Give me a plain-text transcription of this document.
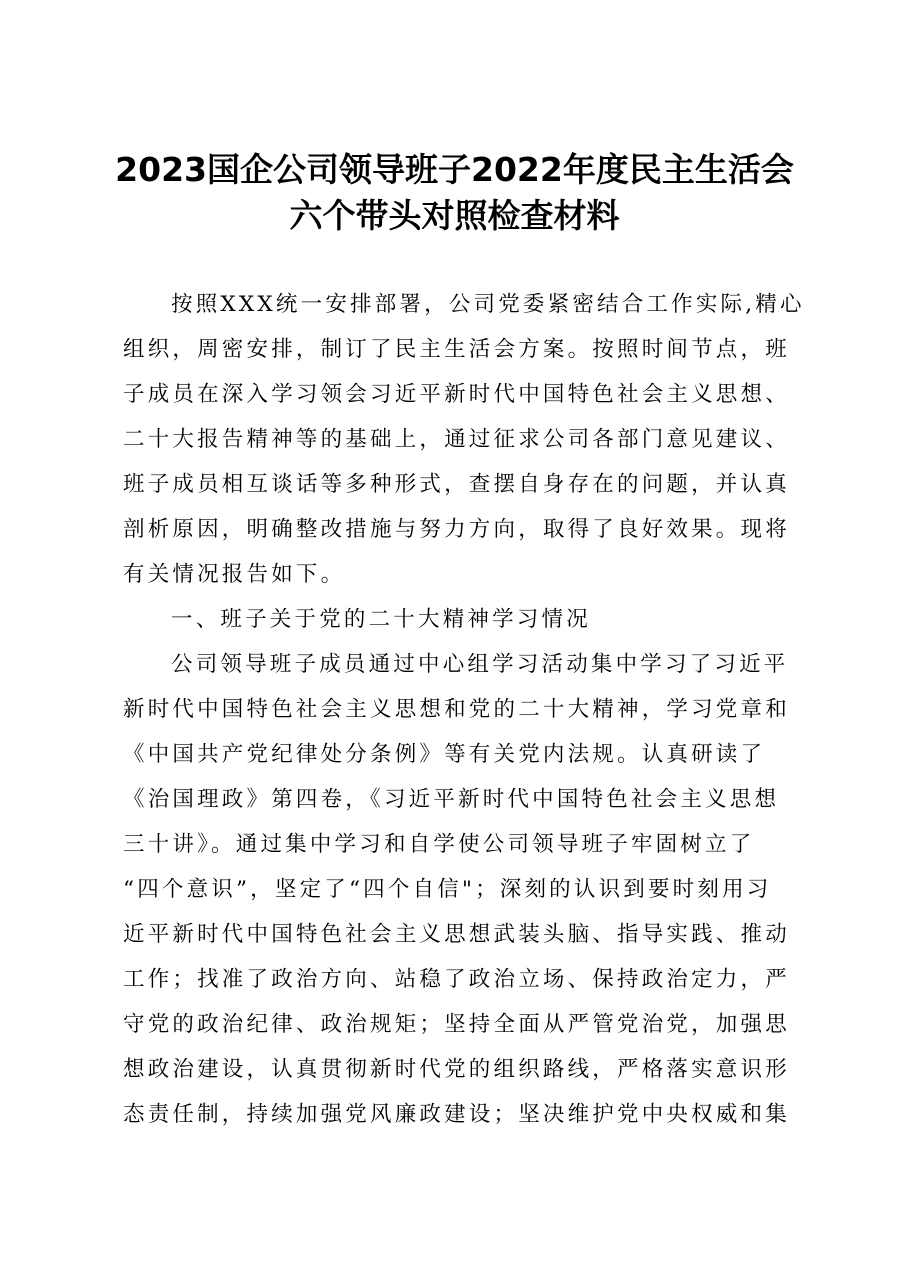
2023国企公司领导班子2022年度民主生活会
六个带头对照检查材料
按照XXX统一安排部署，公司党委紧密结合工作实际,精心
组织，周密安排，制订了民主生活会方案。按照时间节点，班
子成员在深入学习领会习近平新时代中国特色社会主义思想、
二十大报告精神等的基础上，通过征求公司各部门意见建议、
班子成员相互谈话等多种形式，查摆自身存在的问题，并认真
剖析原因，明确整改措施与努力方向，取得了良好效果。现将
有关情况报告如下。
一、班子关于党的二十大精神学习情况
公司领导班子成员通过中心组学习活动集中学习了习近平
新时代中国特色社会主义思想和党的二十大精神，学习党章和
《中国共产党纪律处分条例》等有关党内法规。认真研读了
《治国理政》第四卷，《习近平新时代中国特色社会主义思想
三十讲》。通过集中学习和自学使公司领导班子牢固树立了
“四个意识”，坚定了“四个自信"；深刻的认识到要时刻用习
近平新时代中国特色社会主义思想武装头脑、指导实践、推动
工作；找准了政治方向、站稳了政治立场、保持政治定力，严
守党的政治纪律、政治规矩；坚持全面从严管党治党，加强思
想政治建设，认真贯彻新时代党的组织路线，严格落实意识形
态责任制，持续加强党风廉政建设；坚决维护党中央权威和集
